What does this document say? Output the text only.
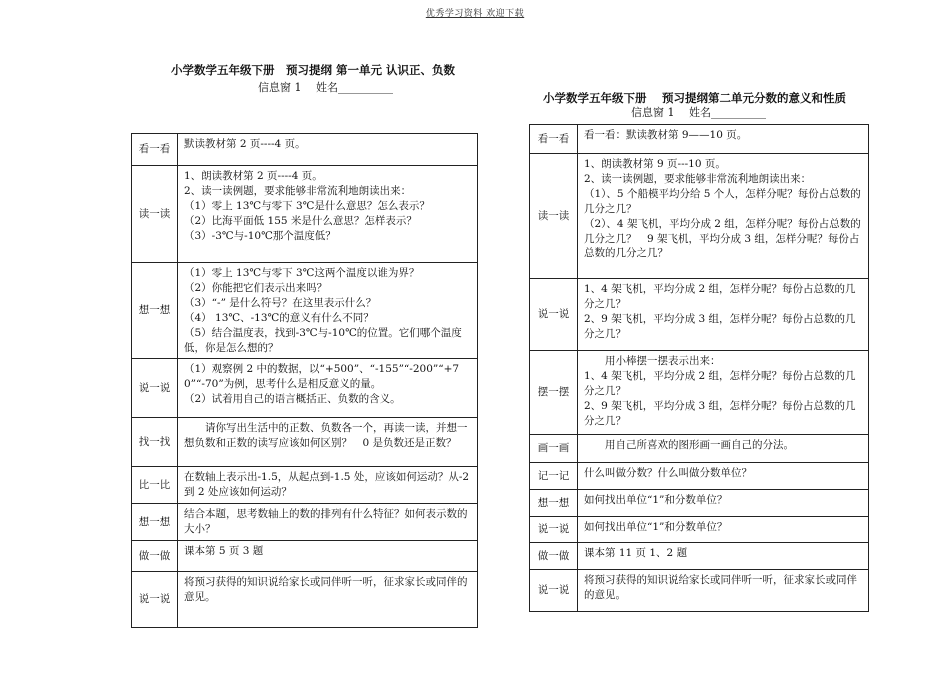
优秀学习资料 欢迎下载
小学数学五年级下册　预习提纲 第一单元 认识正、负数
信息窗 1　 姓名__________
看一看	默读教材第 2 页----4 页。

读一读	1、朗读教材第 2 页----4 页。
2、读一读例题，要求能够非常流利地朗读出来：
（1）零上 13℃与零下 3℃是什么意思？怎么表示？
（2）比海平面低 155 米是什么意思？怎样表示？
（3）-3℃与-10℃那个温度低？

想一想	（1）零上 13℃与零下 3℃这两个温度以谁为界？
（2）你能把它们表示出来吗？
（3）“-” 是什么符号？在这里表示什么？
（4） 13℃、-13℃的意义有什么不同？
（5）结合温度表，找到-3℃与-10℃的位置。它们哪个温度低，你是怎么想的？

说一说	（1）观察例 2 中的数据，以“+500”、“-155”“-200”“+70”“-70”为例，思考什么是相反意义的量。
（2）试着用自己的语言概括正、负数的含义。

找一找	请你写出生活中的正数、负数各一个，再读一读，并想一想负数和正数的读写应该如何区别？　0 是负数还是正数？

比一比	在数轴上表示出-1.5，从起点到-1.5 处，应该如何运动？从-2 到 2 处应该如何运动？

想一想	结合本题，思考数轴上的数的排列有什么特征？如何表示数的大小？

做一做	课本第 5 页 3 题

说一说	将预习获得的知识说给家长或同伴听一听，征求家长或同伴的意见。
小学数学五年级下册　 预习提纲第二单元分数的意义和性质
信息窗 1　 姓名__________
看一看	看一看：默读教材第 9——10 页。

读一读	1、朗读教材第 9 页---10 页。
2、读一读例题，要求能够非常流利地朗读出来：
（1）、5 个船模平均分给 5 个人，怎样分呢？每份占总数的几分之几？
（2）、4 架飞机，平均分成 2 组，怎样分呢？每份占总数的几分之几？　9 架飞机，平均分成 3 组，怎样分呢？每份占总数的几分之几？

说一说	1、4 架飞机，平均分成 2 组，怎样分呢？每份占总数的几分之几？
2、9 架飞机，平均分成 3 组，怎样分呢？每份占总数的几分之几？

摆一摆	用小棒摆一摆表示出来：
1、4 架飞机，平均分成 2 组，怎样分呢？每份占总数的几分之几？
2、9 架飞机，平均分成 3 组，怎样分呢？每份占总数的几分之几？

画一画	用自己所喜欢的图形画一画自己的分法。

记一记	什么叫做分数？什么叫做分数单位？

想一想	如何找出单位“1”和分数单位？

说一说	如何找出单位“1”和分数单位？

做一做	课本第 11 页 1、2 题

说一说	将预习获得的知识说给家长或同伴听一听，征求家长或同伴的意见。
